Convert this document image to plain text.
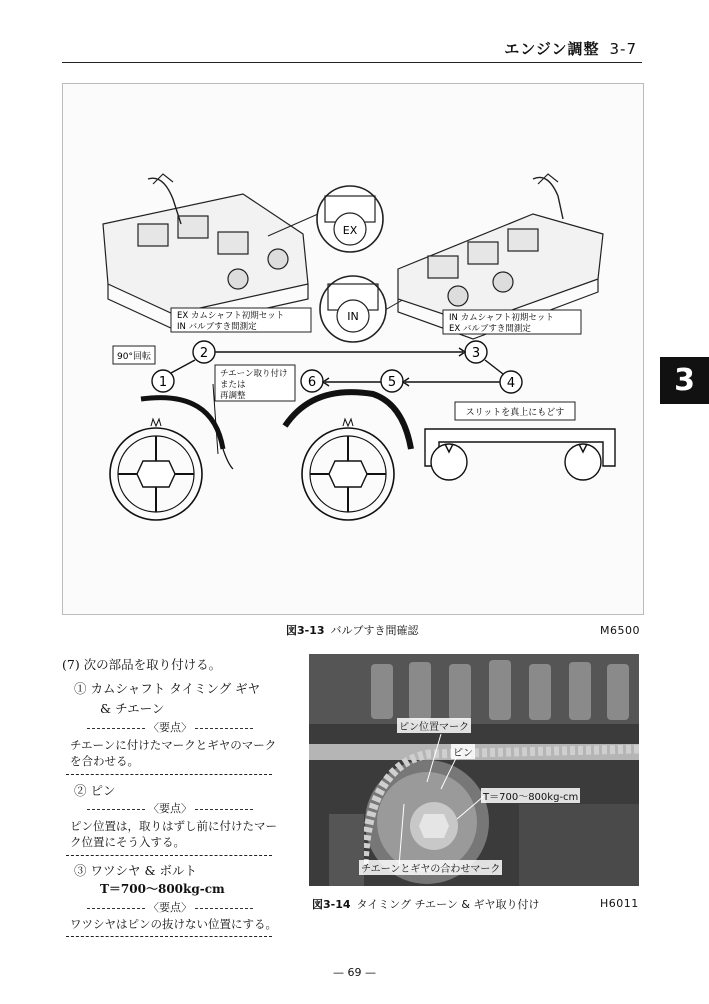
エンジン調整 3-7
3
EX
IN
EX カムシャフト初期セット
IN バルブすき間測定
IN カムシャフト初期セット
EX バルブすき間測定
90°回転
1
2	3
4
5
6
チエーン取り付け
または
再調整
スリットを真上にもどす
図3-13 バルブすき間確認	M6500
(7) 次の部品を取り付ける。
① カムシャフト タイミング ギヤ
& チエーン
〈要点〉
チエーンに付けたマークとギヤのマーク
を合わせる。
② ピン
〈要点〉
ピン位置は，取りはずし前に付けたマー
ク位置にそう入する。
③ ワツシヤ & ボルト
T＝700～800kg-cm
〈要点〉
ワツシヤはピンの抜けない位置にする。
ピン位置マーク
ピン
T＝700～800kg-cm
チエーンとギヤの合わせマーク
図3-14 タイミング チエーン & ギヤ取り付け	H6011
— 69 —
